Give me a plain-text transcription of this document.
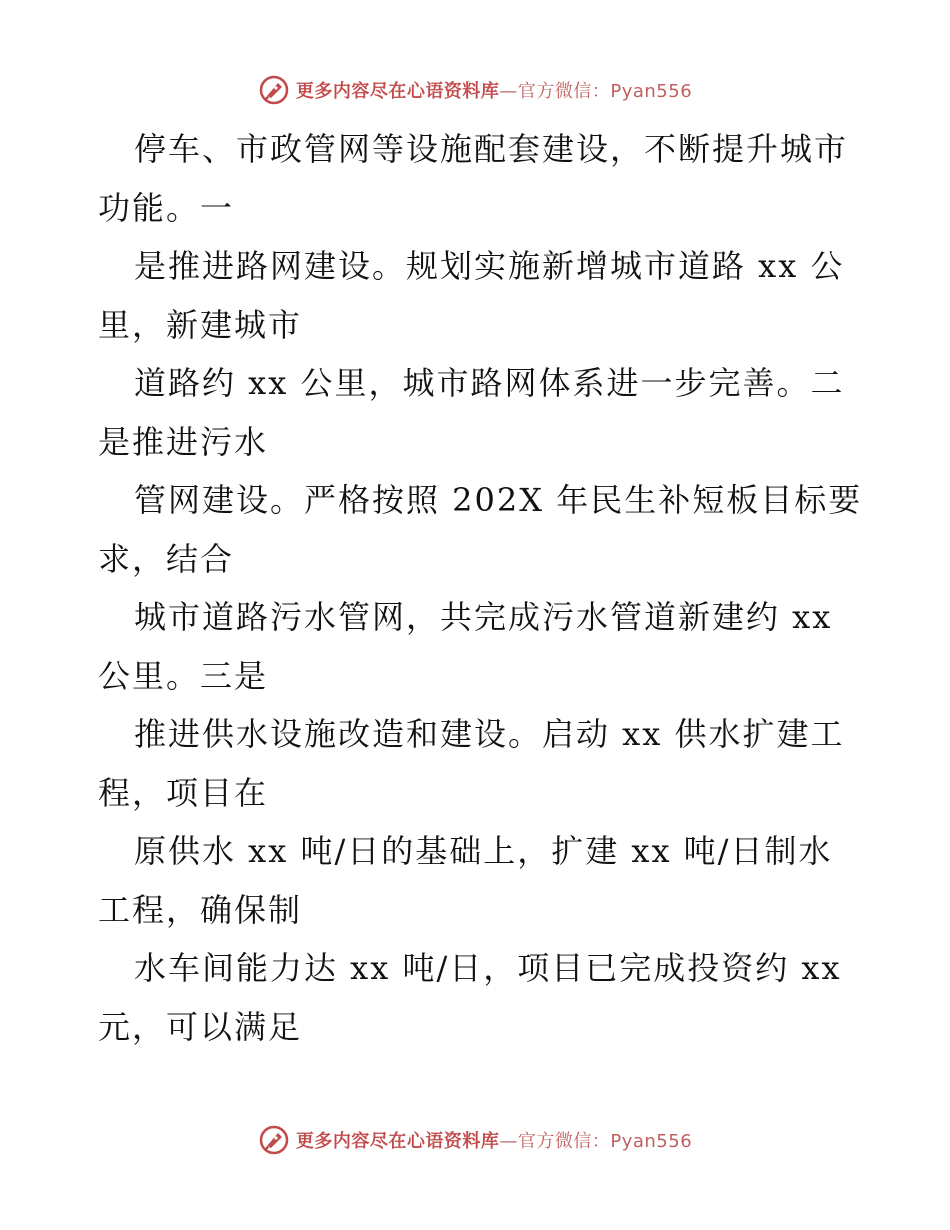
更多内容尽在心语资料库—官方微信：Pyan556
停车、市政管网等设施配套建设，不断提升城市
功能。一
是推进路网建设。规划实施新增城市道路 xx 公
里，新建城市
道路约 xx 公里，城市路网体系进一步完善。二
是推进污水
管网建设。严格按照 202X 年民生补短板目标要
求，结合
城市道路污水管网，共完成污水管道新建约 xx
公里。三是
推进供水设施改造和建设。启动 xx 供水扩建工
程，项目在
原供水 xx 吨/日的基础上，扩建 xx 吨/日制水
工程，确保制
水车间能力达 xx 吨/日，项目已完成投资约 xx
元，可以满足
更多内容尽在心语资料库—官方微信：Pyan556
